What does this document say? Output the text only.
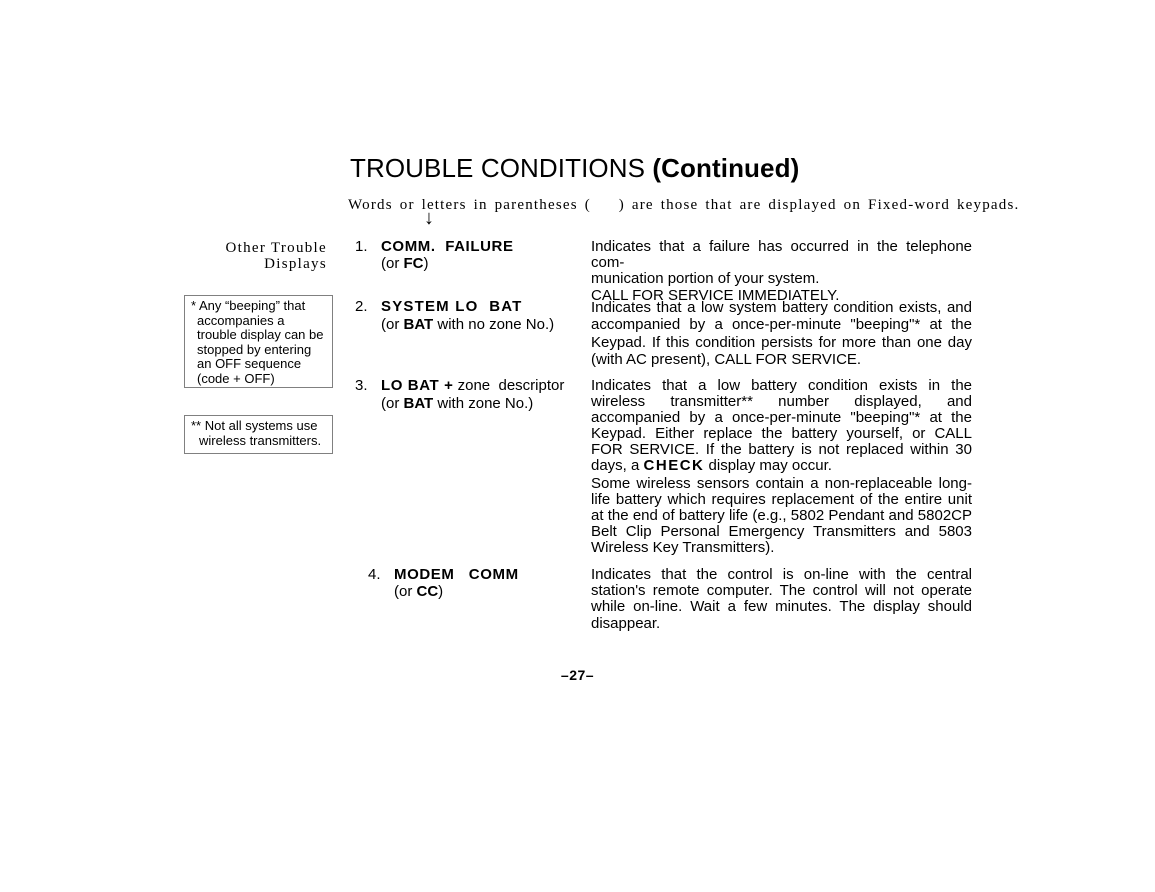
TROUBLE CONDITIONS (Continued)
Words or letters in parentheses (    ) are those that are displayed on Fixed-word keypads.
↓
Other Trouble
Displays
* Any “beeping” that
accompanies a
trouble display can be
stopped by entering
an OFF sequence
(code + OFF)
** Not all systems use
wireless transmitters.
1. COMM.  FAILURE
(or FC)
Indicates that a failure has occurred in the telephone com-
munication portion of your system.
CALL FOR SERVICE IMMEDIATELY.
2. SYSTEM LO  BAT
(or BAT with no zone No.)

Indicates that a low system battery condition exists, and accompanied by a once-per-minute "beeping"* at the Keypad. If this condition persists for more than one day (with AC present), CALL FOR SERVICE.

3. LO BAT + zone  descriptor
(or BAT with zone No.)

Indicates that a low battery condition exists in the wireless transmitter** number displayed, and accompanied by a once-per-minute "beeping"* at the Keypad. Either replace the battery yourself, or CALL FOR SERVICE. If the battery is not replaced within 30 days, a CHECK display may occur.

Some wireless sensors contain a non-replaceable long-life battery which requires replacement of the entire unit at the end of battery life (e.g., 5802 Pendant and 5802CP Belt Clip Personal Emergency Transmitters and 5803 Wireless Key Transmitters).

4. MODEM   COMM
(or CC)

Indicates that the control is on-line with the central station's remote computer. The control will not operate while on-line. Wait a few minutes. The display should disappear.

–27–
